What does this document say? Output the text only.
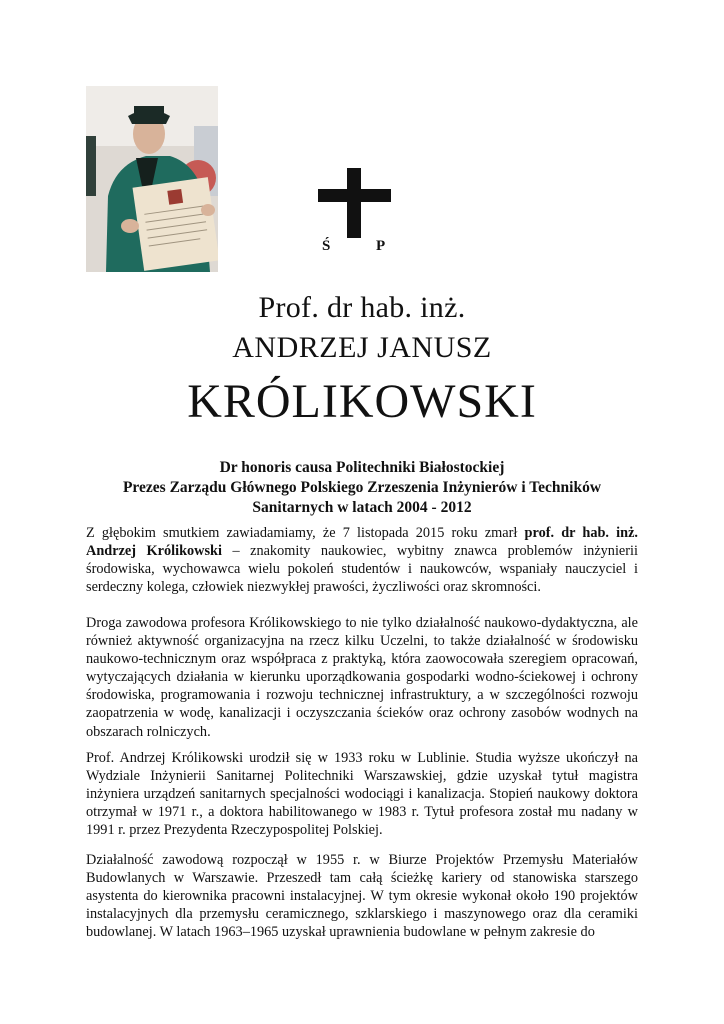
Ś	P
Prof. dr hab. inż.
ANDRZEJ JANUSZ
KRÓLIKOWSKI
Dr honoris causa Politechniki Białostockiej
Prezes Zarządu Głównego Polskiego Zrzeszenia Inżynierów i Techników
Sanitarnych w latach 2004 - 2012

Z głębokim smutkiem zawiadamiamy, że 7 listopada 2015 roku zmarł prof. dr hab. inż. Andrzej Królikowski – znakomity naukowiec, wybitny znawca problemów inżynierii środowiska, wychowawca wielu pokoleń studentów i naukowców, wspaniały nauczyciel i serdeczny kolega, człowiek niezwykłej prawości, życzliwości oraz skromności.

Droga zawodowa profesora Królikowskiego to nie tylko działalność naukowo-dydaktyczna, ale również aktywność organizacyjna na rzecz kilku Uczelni, to także działalność w środowisku naukowo-technicznym oraz współpraca z praktyką, która zaowocowała szeregiem opracowań, wytyczających działania w kierunku uporządkowania gospodarki wodno-ściekowej i ochrony środowiska, programowania i rozwoju technicznej infrastruktury, a w szczególności rozwoju zaopatrzenia w wodę, kanalizacji i oczyszczania ścieków oraz ochrony zasobów wodnych na obszarach rolniczych.

Prof. Andrzej Królikowski urodził się w 1933 roku w Lublinie. Studia wyższe ukończył na Wydziale Inżynierii Sanitarnej Politechniki Warszawskiej, gdzie uzyskał tytuł magistra inżyniera urządzeń sanitarnych specjalności wodociągi i kanalizacja. Stopień naukowy doktora otrzymał w 1971 r., a doktora habilitowanego w 1983 r. Tytuł profesora został mu nadany w 1991 r. przez Prezydenta Rzeczypospolitej Polskiej.

Działalność zawodową rozpoczął w 1955 r. w Biurze Projektów Przemysłu Materiałów Budowlanych w Warszawie. Przeszedł tam całą ścieżkę kariery od stanowiska starszego asystenta do kierownika pracowni instalacyjnej. W tym okresie wykonał około 190 projektów instalacyjnych dla przemysłu ceramicznego, szklarskiego i maszynowego oraz dla ceramiki budowlanej. W latach 1963–1965 uzyskał uprawnienia budowlane w pełnym zakresie do
